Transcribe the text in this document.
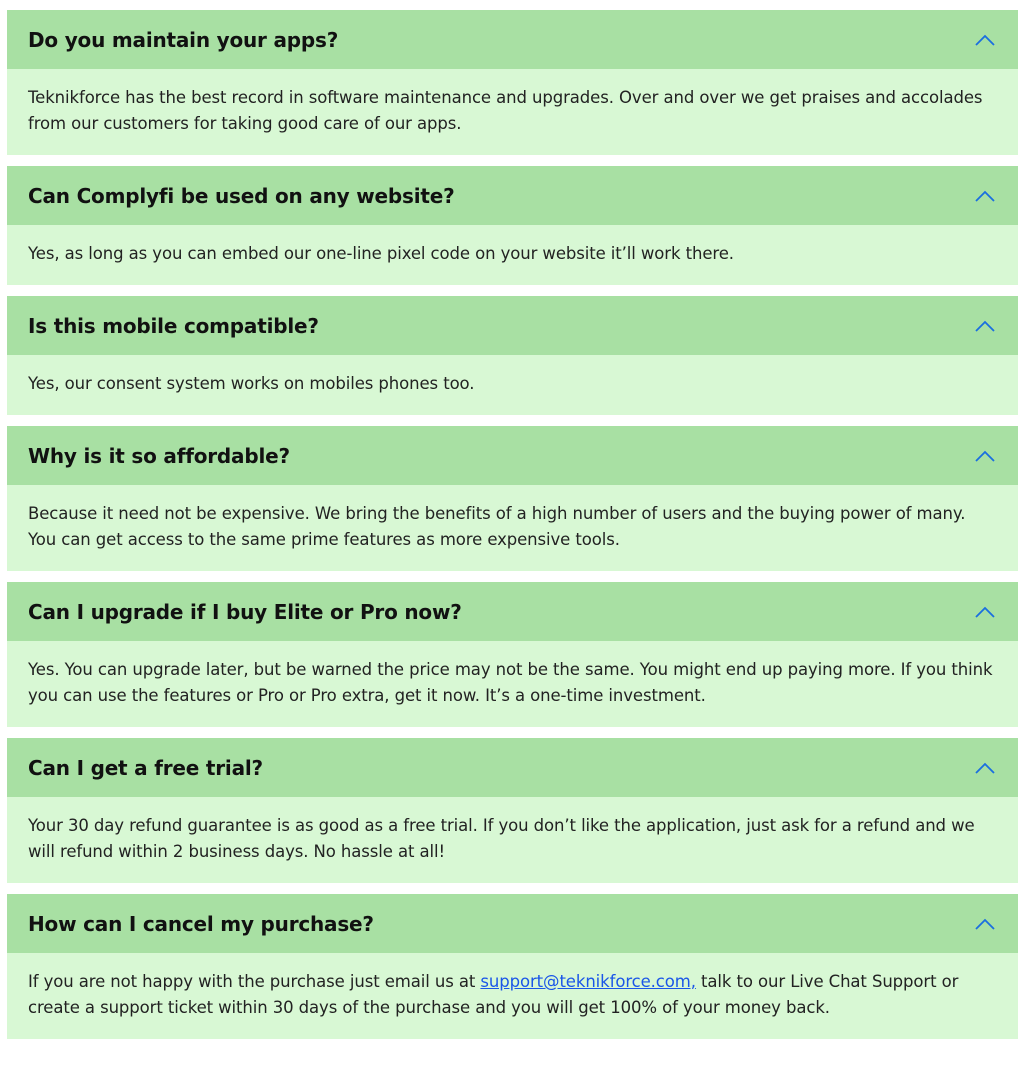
Do you maintain your apps?
Teknikforce has the best record in software maintenance and upgrades. Over and over we get praises and accolades from our customers for taking good care of our apps.
Can Complyfi be used on any website?
Yes, as long as you can embed our one-line pixel code on your website it’ll work there.
Is this mobile compatible?
Yes, our consent system works on mobiles phones too.
Why is it so affordable?
Because it need not be expensive. We bring the benefits of a high number of users and the buying power of many. You can get access to the same prime features as more expensive tools.
Can I upgrade if I buy Elite or Pro now?
Yes. You can upgrade later, but be warned the price may not be the same. You might end up paying more. If you think you can use the features or Pro or Pro extra, get it now. It’s a one-time investment.
Can I get a free trial?
Your 30 day refund guarantee is as good as a free trial. If you don’t like the application, just ask for a refund and we will refund within 2 business days. No hassle at all!
How can I cancel my purchase?
If you are not happy with the purchase just email us at support@teknikforce.com, talk to our Live Chat Support or create a support ticket within 30 days of the purchase and you will get 100% of your money back.
